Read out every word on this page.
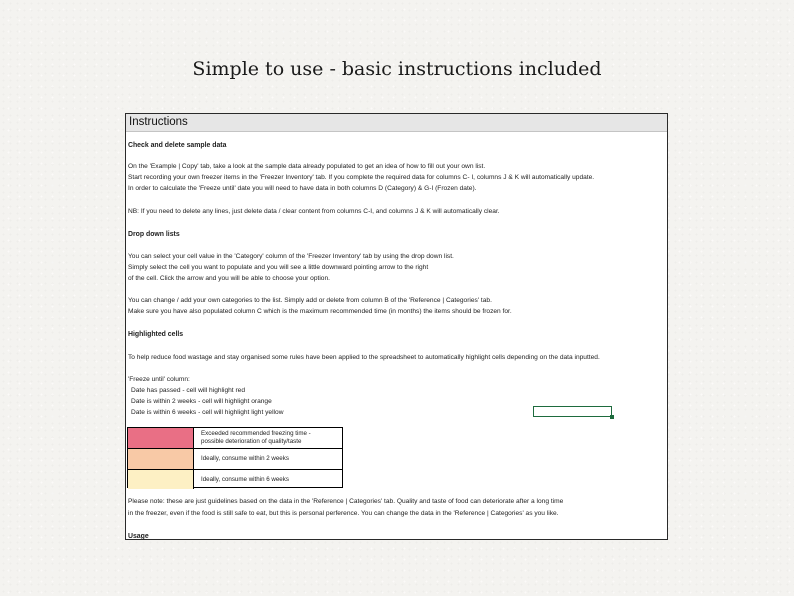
Simple to use - basic instructions included
Instructions
Check and delete sample data
On the 'Example | Copy' tab, take a look at the sample data already populated to get an idea of how to fill out your own list.
Start recording your own freezer items in the 'Freezer Inventory' tab. If you complete the required data for columns C- I, columns J & K will automatically update.
In order to calculate the 'Freeze until' date you will need to have data in both columns D (Category) & G-I (Frozen date).
NB: If you need to delete any lines, just delete data / clear content from columns C-I, and columns J & K will automatically clear.
Drop down lists
You can select your cell value in the 'Category' column of the 'Freezer Inventory' tab by using the drop down list.
Simply select the cell you want to populate and you will see a little downward pointing arrow to the right
of the cell. Click the arrow and you will be able to choose your option.
You can change / add your own categories to the list. Simply add or delete from column B of the 'Reference | Categories' tab.
Make sure you have also populated column C which is the maximum recommended time (in months) the items should be frozen for.
Highlighted cells
To help reduce food wastage and stay organised some rules have been applied to the spreadsheet to automatically highlight cells depending on the data inputted.
'Freeze until' column:
Date has passed - cell will highlight red
Date is within 2 weeks - cell will highlight orange
Date is within 6 weeks - cell will highlight light yellow
Exceeded recommended freezing time -
possible deterioration of quality/taste
Ideally, consume within 2 weeks
Ideally, consume within 6 weeks
Please note: these are just guidelines based on the data in the 'Reference | Categories' tab. Quality and taste of food can deteriorate after a long time
in the freezer, even if the food is still safe to eat, but this is personal perference. You can change the data in the 'Reference | Categories' as you like.
Usage
